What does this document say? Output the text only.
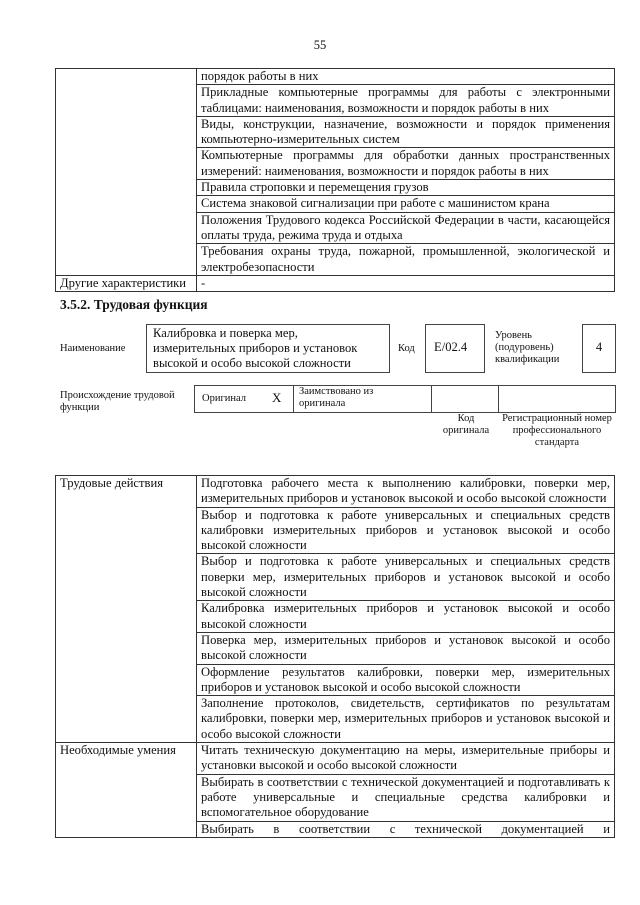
55
	порядок работы в них
	Прикладные компьютерные программы для работы с электронными таблицами: наименования, возможности и порядок работы в них
	Виды, конструкции, назначение, возможности и порядок применения компьютерно-измерительных систем
	Компьютерные программы для обработки данных пространственных измерений: наименования, возможности и порядок работы в них
	Правила строповки и перемещения грузов
	Система знаковой сигнализации при работе с машинистом крана
	Положения Трудового кодекса Российской Федерации в части, касающейся оплаты труда, режима труда и отдыха
	Требования охраны труда, пожарной, промышленной, экологической и электробезопасности
Другие характеристики	-
3.5.2. Трудовая функция
Наименование
Калибровка и поверка мер, измерительных приборов и установок высокой и особо высокой сложности
Код	E/02.4
Уровень (подуровень) квалификации
4
Происхождение трудовой функции
Оригинал X Заимствовано из оригинала
Код оригинала
Регистрационный номер профессионального стандарта
Трудовые действия	Подготовка рабочего места к выполнению калибровки, поверки мер, измерительных приборов и установок высокой и особо высокой сложности
	Выбор и подготовка к работе универсальных и специальных средств калибровки измерительных приборов и установок высокой и особо высокой сложности
	Выбор и подготовка к работе универсальных и специальных средств поверки мер, измерительных приборов и установок высокой и особо высокой сложности
	Калибровка измерительных приборов и установок высокой и особо высокой сложности
	Поверка мер, измерительных приборов и установок высокой и особо высокой сложности
	Оформление результатов калибровки, поверки мер, измерительных приборов и установок высокой и особо высокой сложности
	Заполнение протоколов, свидетельств, сертификатов по результатам калибровки, поверки мер, измерительных приборов и установок высокой и особо высокой сложности
Необходимые умения	Читать техническую документацию на меры, измерительные приборы и установки высокой и особо высокой сложности
	Выбирать в соответствии с технической документацией и подготавливать к работе универсальные и специальные средства калибровки и вспомогательное оборудование
	Выбирать в соответствии с технической документацией и
